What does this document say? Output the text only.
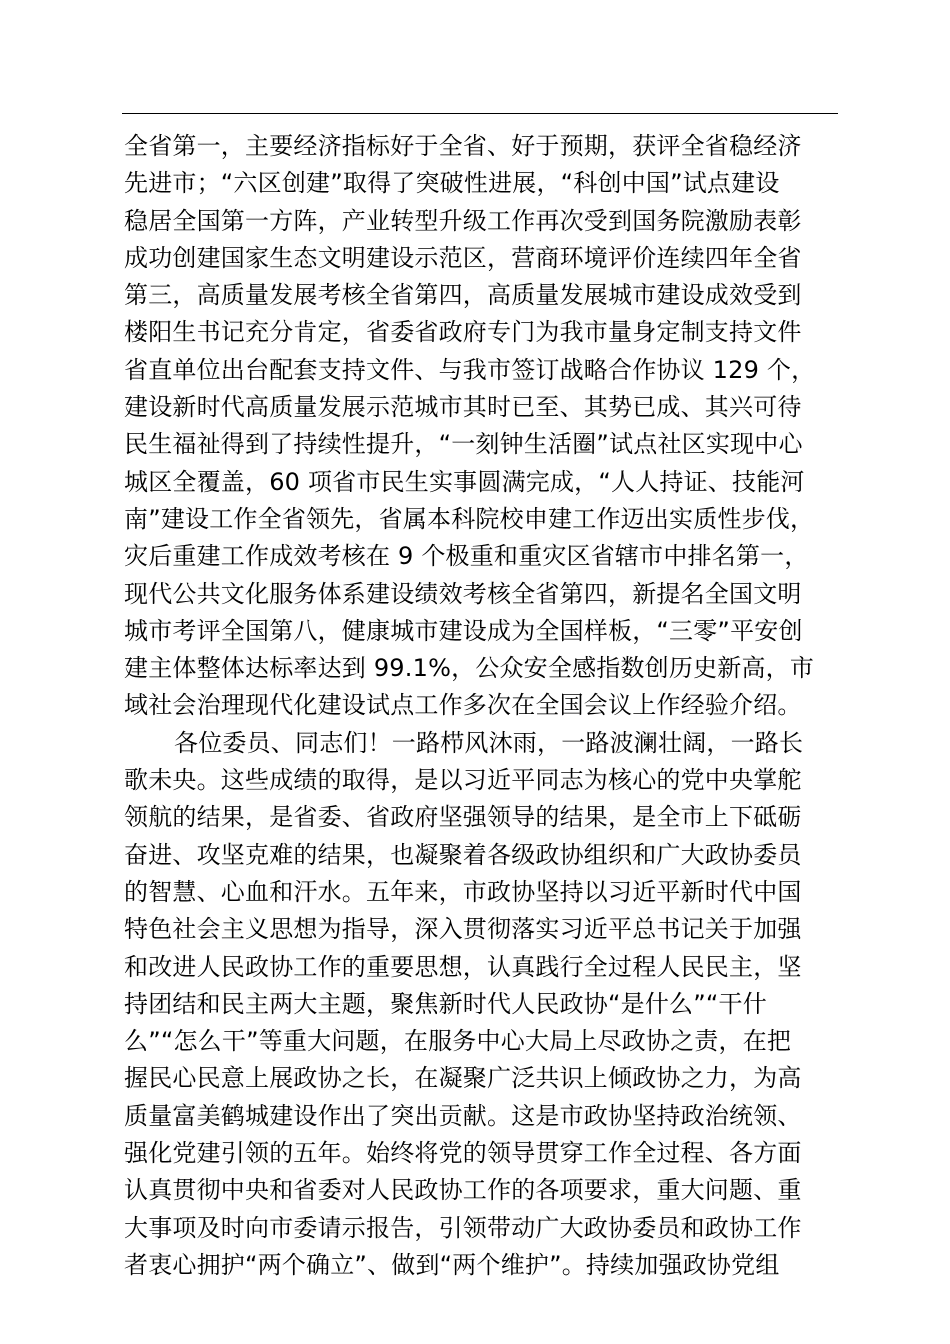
全省第一，主要经济指标好于全省、好于预期，获评全省稳经济
先进市；“六区创建”取得了突破性进展，“科创中国”试点建设
稳居全国第一方阵，产业转型升级工作再次受到国务院激励表彰
成功创建国家生态文明建设示范区，营商环境评价连续四年全省
第三，高质量发展考核全省第四，高质量发展城市建设成效受到
楼阳生书记充分肯定，省委省政府专门为我市量身定制支持文件
省直单位出台配套支持文件、与我市签订战略合作协议 129 个，
建设新时代高质量发展示范城市其时已至、其势已成、其兴可待
民生福祉得到了持续性提升，“一刻钟生活圈”试点社区实现中心
城区全覆盖，60 项省市民生实事圆满完成，“人人持证、技能河
南”建设工作全省领先，省属本科院校申建工作迈出实质性步伐，
灾后重建工作成效考核在 9 个极重和重灾区省辖市中排名第一，
现代公共文化服务体系建设绩效考核全省第四，新提名全国文明
城市考评全国第八，健康城市建设成为全国样板，“三零”平安创
建主体整体达标率达到 99.1%，公众安全感指数创历史新高，市
域社会治理现代化建设试点工作多次在全国会议上作经验介绍。
各位委员、同志们！一路栉风沐雨，一路波澜壮阔，一路长
歌未央。这些成绩的取得，是以习近平同志为核心的党中央掌舵
领航的结果，是省委、省政府坚强领导的结果，是全市上下砥砺
奋进、攻坚克难的结果，也凝聚着各级政协组织和广大政协委员
的智慧、心血和汗水。五年来，市政协坚持以习近平新时代中国
特色社会主义思想为指导，深入贯彻落实习近平总书记关于加强
和改进人民政协工作的重要思想，认真践行全过程人民民主，坚
持团结和民主两大主题，聚焦新时代人民政协“是什么”“干什
么”“怎么干”等重大问题，在服务中心大局上尽政协之责，在把
握民心民意上展政协之长，在凝聚广泛共识上倾政协之力，为高
质量富美鹤城建设作出了突出贡献。这是市政协坚持政治统领、
强化党建引领的五年。始终将党的领导贯穿工作全过程、各方面
认真贯彻中央和省委对人民政协工作的各项要求，重大问题、重
大事项及时向市委请示报告，引领带动广大政协委员和政协工作
者衷心拥护“两个确立”、做到“两个维护”。持续加强政协党组
